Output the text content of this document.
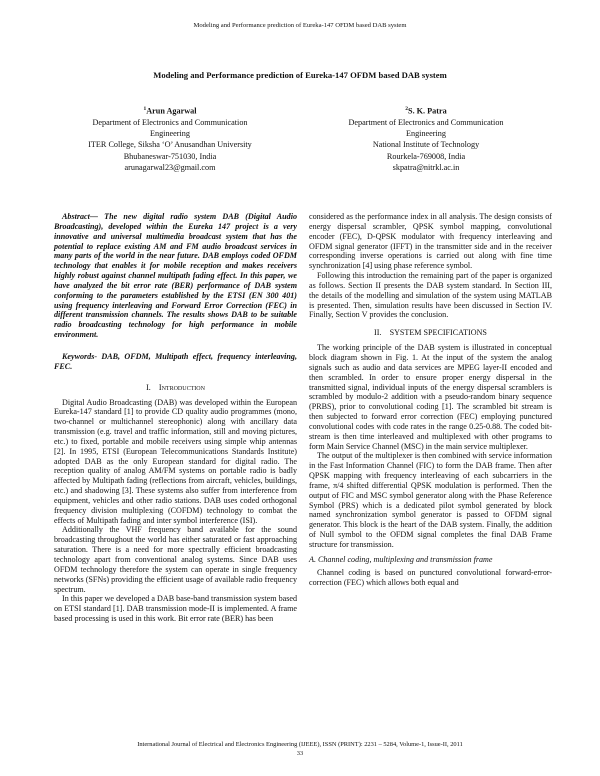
Modeling and Performance prediction of Eureka-147 OFDM based DAB system
Modeling and Performance prediction of Eureka-147 OFDM based DAB system
$^1$Arun Agarwal
Department of Electronics and Communication
Engineering
ITER College, Siksha ‘O’ Anusandhan University
Bhubaneswar-751030, India
arunagarwal23@gmail.com
$^2$S. K. Patra
Department of Electronics and Communication
Engineering
National Institute of Technology
Rourkela-769008, India
skpatra@nitrkl.ac.in

Abstract— The new digital radio system DAB (Digital Audio Broadcasting), developed within the Eureka 147 project is a very innovative and universal multimedia broadcast system that has the potential to replace existing AM and FM audio broadcast services in many parts of the world in the near future. DAB employs coded OFDM technology that enables it for mobile reception and makes receivers highly robust against channel multipath fading effect. In this paper, we have analyzed the bit error rate (BER) performance of DAB system conforming to the parameters established by the ETSI (EN 300 401) using frequency interleaving and Forward Error Correction (FEC) in different transmission channels. The results shows DAB to be suitable radio broadcasting technology for high performance in mobile environment.

Keywords- DAB, OFDM, Multipath effect, frequency interleaving, FEC.

I. Introduction

Digital Audio Broadcasting (DAB) was developed within the European Eureka-147 standard [1] to provide CD quality audio programmes (mono, two-channel or multichannel stereophonic) along with ancillary data transmission (e.g. travel and traffic information, still and moving pictures, etc.) to fixed, portable and mobile receivers using simple whip antennas [2]. In 1995, ETSI (European Telecommunications Standards Institute) adopted DAB as the only European standard for digital radio. The reception quality of analog AM/FM systems on portable radio is badly affected by Multipath fading (reflections from aircraft, vehicles, buildings, etc.) and shadowing [3]. These systems also suffer from interference from equipment, vehicles and other radio stations. DAB uses coded orthogonal frequency division multiplexing (COFDM) technology to combat the effects of Multipath fading and inter symbol interference (ISI).

Additionally the VHF frequency band available for the sound broadcasting throughout the world has either saturated or fast approaching saturation. There is a need for more spectrally efficient broadcasting technology apart from conventional analog systems. Since DAB uses OFDM technology therefore the system can operate in single frequency networks (SFNs) providing the efficient usage of available radio frequency spectrum.

In this paper we developed a DAB base-band transmission system based on ETSI standard [1]. DAB transmission mode-II is implemented. A frame based processing is used in this work. Bit error rate (BER) has been

considered as the performance index in all analysis. The design consists of energy dispersal scrambler, QPSK symbol mapping, convolutional encoder (FEC), D-QPSK modulator with frequency interleaving and OFDM signal generator (IFFT) in the transmitter side and in the receiver corresponding inverse operations is carried out along with fine time synchronization [4] using phase reference symbol.

Following this introduction the remaining part of the paper is organized as follows. Section II presents the DAB system standard. In Section III, the details of the modelling and simulation of the system using MATLAB is presented. Then, simulation results have been discussed in Section IV. Finally, Section V provides the conclusion.

II. SYSTEM SPECIFICATIONS

The working principle of the DAB system is illustrated in conceptual block diagram shown in Fig. 1. At the input of the system the analog signals such as audio and data services are MPEG layer-II encoded and then scrambled. In order to ensure proper energy dispersal in the transmitted signal, individual inputs of the energy dispersal scramblers is scrambled by modulo-2 addition with a pseudo-random binary sequence (PRBS), prior to convolutional coding [1]. The scrambled bit stream is then subjected to forward error correction (FEC) employing punctured convolutional codes with code rates in the range 0.25-0.88. The coded bit-stream is then time interleaved and multiplexed with other programs to form Main Service Channel (MSC) in the main service multiplexer.

The output of the multiplexer is then combined with service information in the Fast Information Channel (FIC) to form the DAB frame. Then after QPSK mapping with frequency interleaving of each subcarriers in the frame, π/4 shifted differential QPSK modulation is performed. Then the output of FIC and MSC symbol generator along with the Phase Reference Symbol (PRS) which is a dedicated pilot symbol generated by block named synchronization symbol generator is passed to OFDM signal generator. This block is the heart of the DAB system. Finally, the addition of Null symbol to the OFDM signal completes the final DAB Frame structure for transmission.

A. Channel coding, multiplexing and transmission frame

Channel coding is based on punctured convolutional forward-error-correction (FEC) which allows both equal and

International Journal of Electrical and Electronics Engineering (IJEEE), ISSN (PRINT): 2231 – 5284, Volume-1, Issue-II, 2011
33
